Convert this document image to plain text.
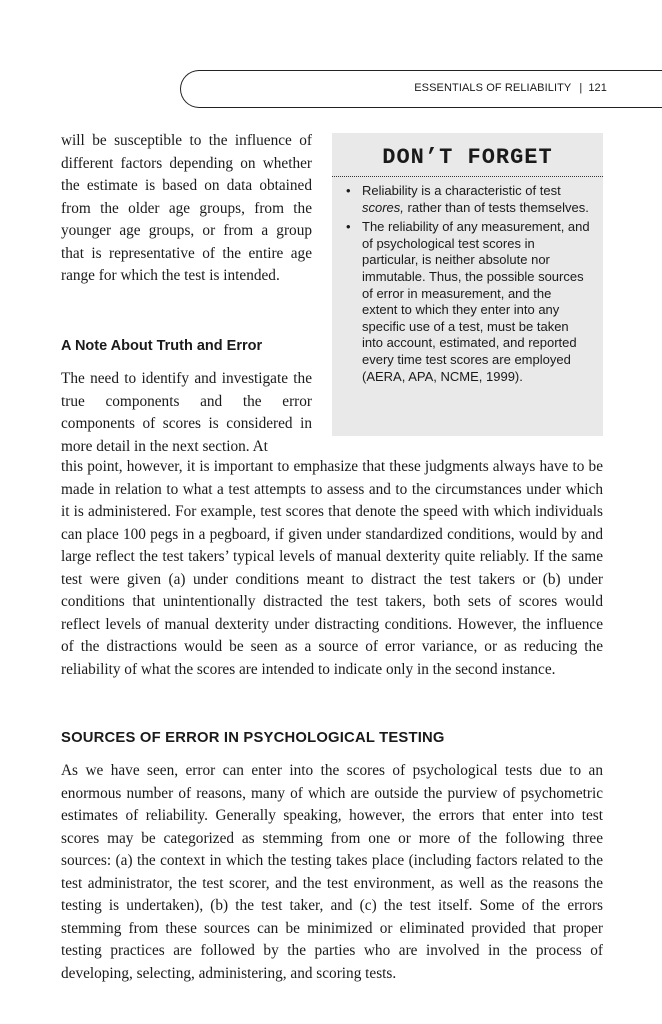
ESSENTIALS OF RELIABILITY | 121

will be susceptible to the influence of different factors depending on whether the estimate is based on data obtained from the older age groups, from the younger age groups, or from a group that is representative of the entire age range for which the test is intended.

A Note About Truth and Error

The need to identify and investigate the true components and the error components of scores is considered in more detail in the next section. At

DON’T FORGET
• Reliability is a characteristic of test scores, rather than of tests themselves.
• The reliability of any measurement, and of psychological test scores in particular, is neither absolute nor immutable. Thus, the possible sources of error in measurement, and the extent to which they enter into any specific use of a test, must be taken into account, estimated, and reported every time test scores are employed (AERA, APA, NCME, 1999).

this point, however, it is important to emphasize that these judgments always have to be made in relation to what a test attempts to assess and to the circumstances under which it is administered. For example, test scores that denote the speed with which individuals can place 100 pegs in a pegboard, if given under standardized conditions, would by and large reflect the test takers’ typical levels of manual dexterity quite reliably. If the same test were given (a) under conditions meant to distract the test takers or (b) under conditions that unintentionally distracted the test takers, both sets of scores would reflect levels of manual dexterity under distracting conditions. However, the influence of the distractions would be seen as a source of error variance, or as reducing the reliability of what the scores are intended to indicate only in the second instance.

SOURCES OF ERROR IN PSYCHOLOGICAL TESTING

As we have seen, error can enter into the scores of psychological tests due to an enormous number of reasons, many of which are outside the purview of psychometric estimates of reliability. Generally speaking, however, the errors that enter into test scores may be categorized as stemming from one or more of the following three sources: (a) the context in which the testing takes place (including factors related to the test administrator, the test scorer, and the test environment, as well as the reasons the testing is undertaken), (b) the test taker, and (c) the test itself. Some of the errors stemming from these sources can be minimized or eliminated provided that proper testing practices are followed by the parties who are involved in the process of developing, selecting, administering, and scoring tests.
